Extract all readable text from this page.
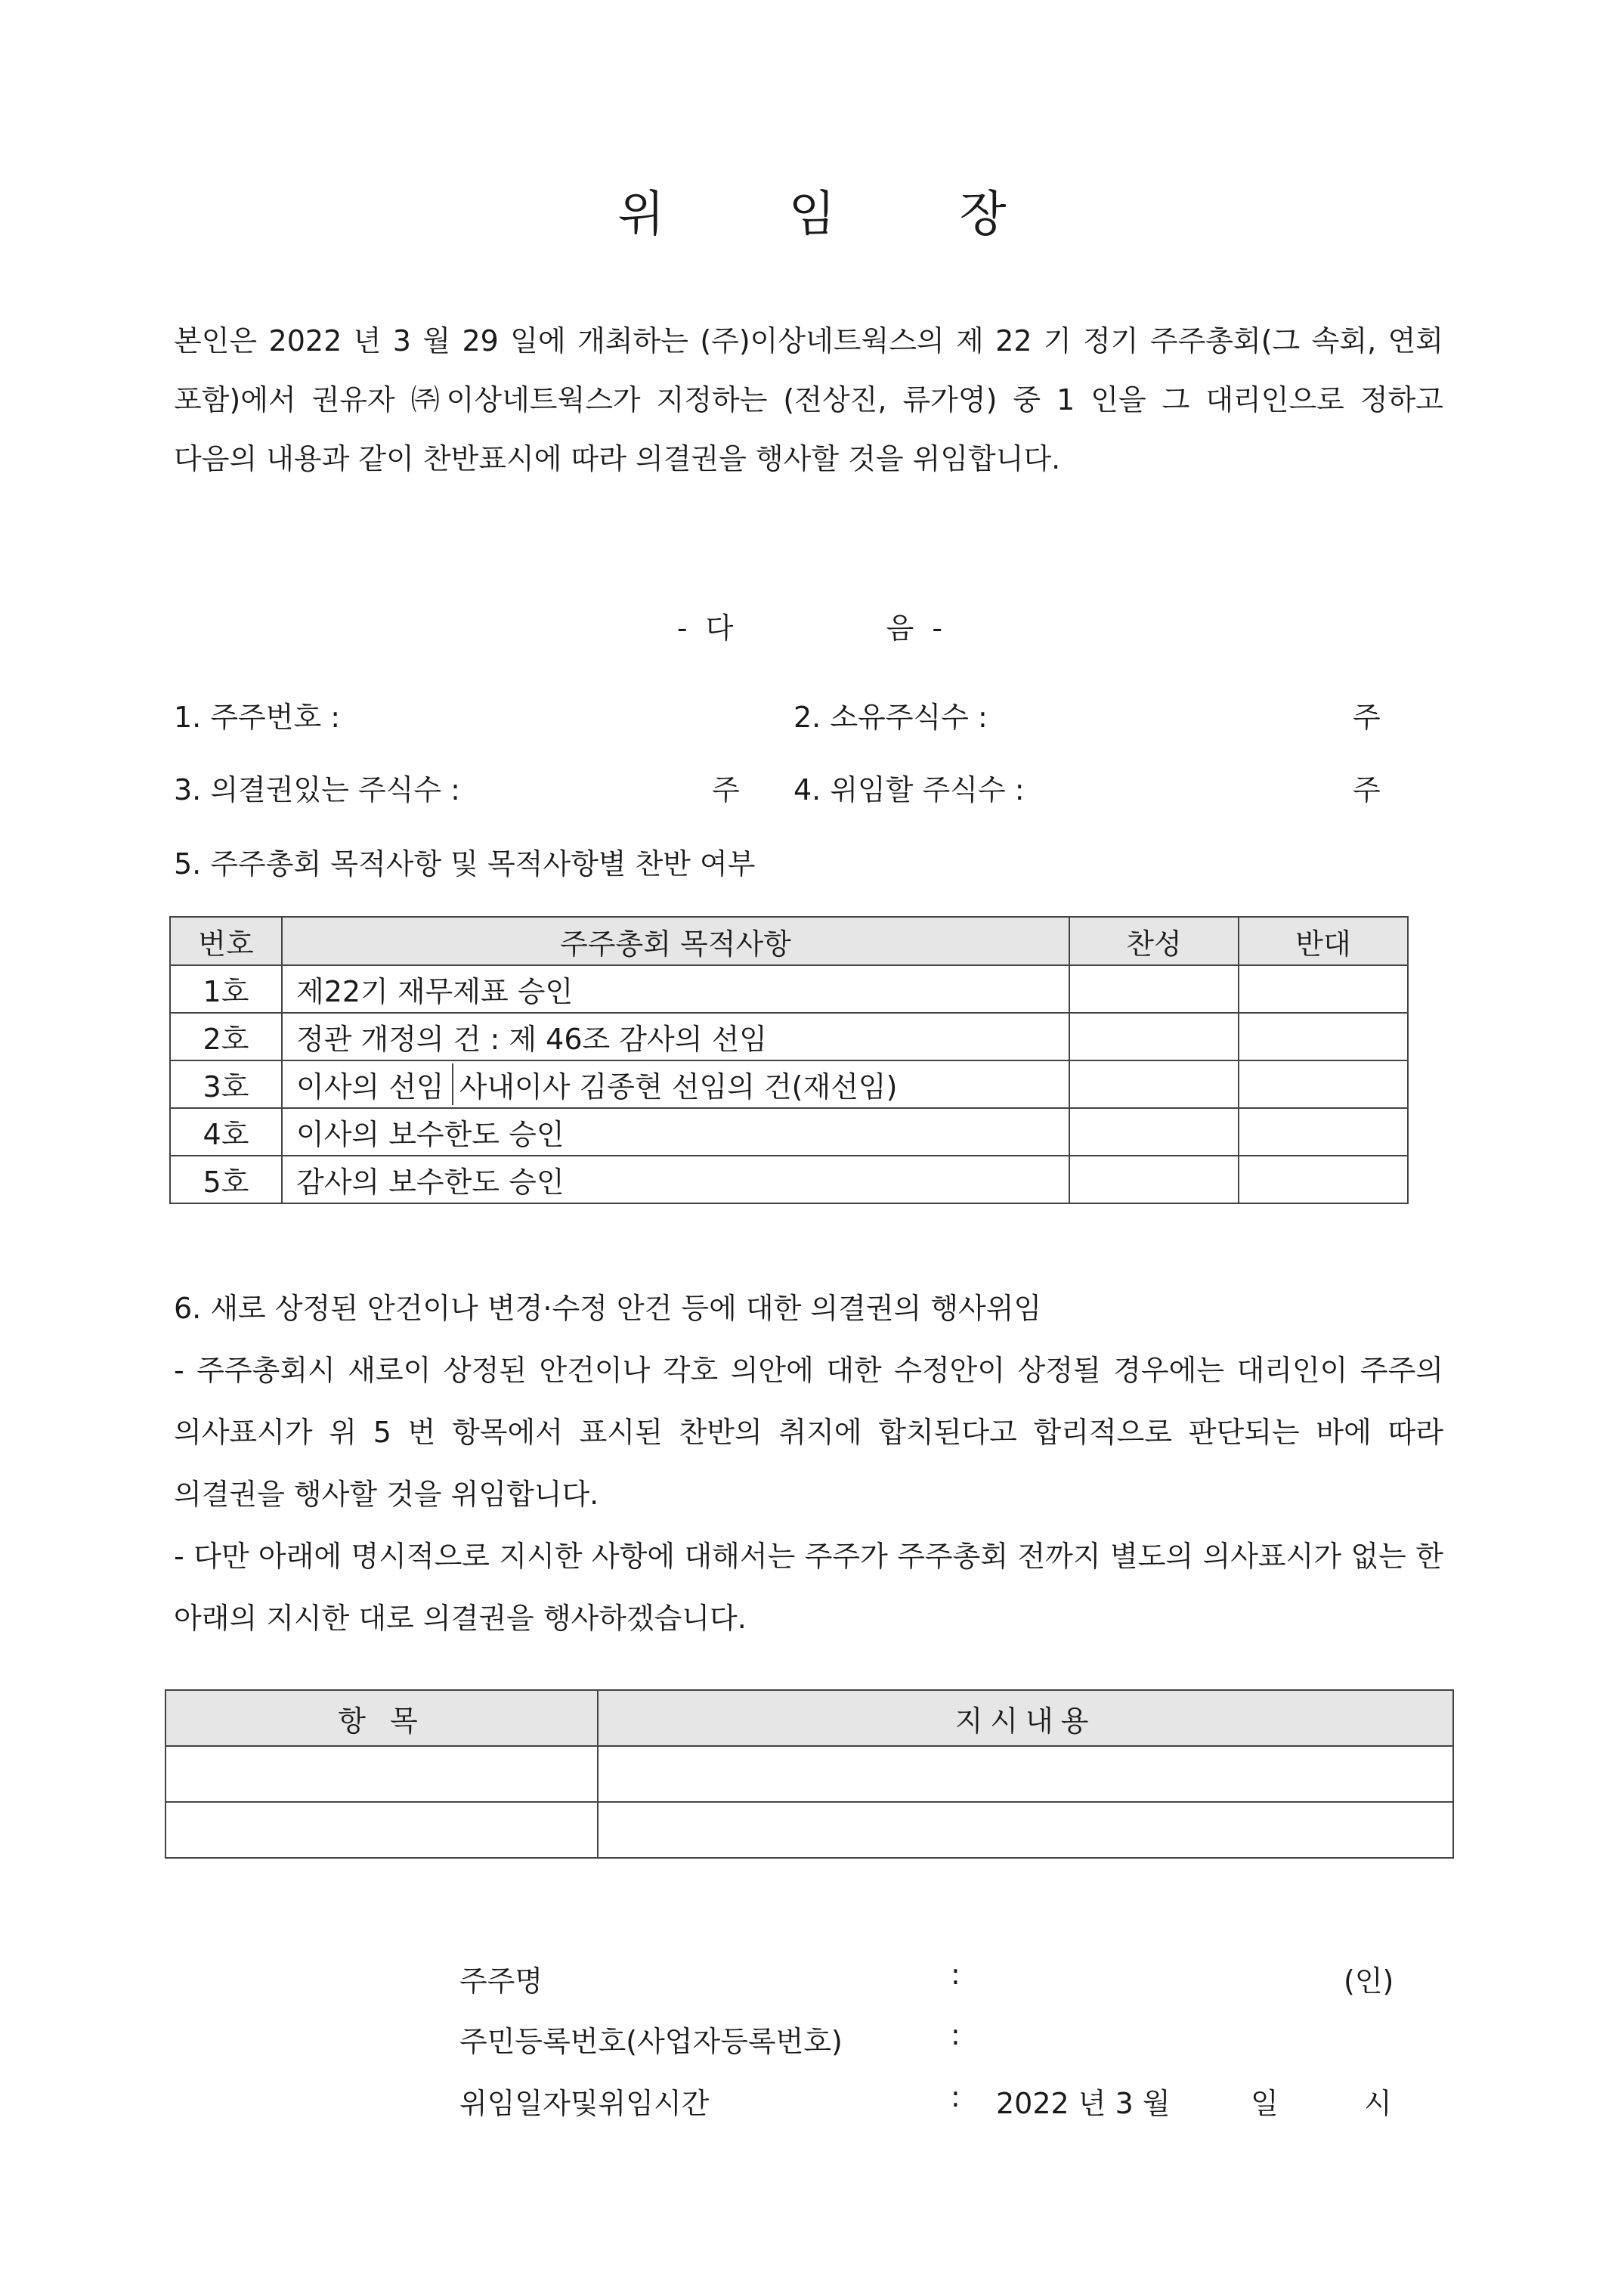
위 임 장
본인은 2022 년 3 월 29 일에 개최하는 (주)이상네트웍스의 제 22 기 정기 주주총회(그 속회, 연회 포함)에서 권유자 ㈜이상네트웍스가 지정하는 (전상진, 류가영) 중 1 인을 그 대리인으로 정하고 다음의 내용과 같이 찬반표시에 따라 의결권을 행사할 것을 위임합니다.
- 다	음 -
1. 주주번호 :	2. 소유주식수 :	주
3. 의결권있는 주식수 :	주 4. 위임할 주식수 :	주
5. 주주총회 목적사항 및 목적사항별 찬반 여부
번호	주주총회 목적사항	찬성	반대
1호	제22기 재무제표 승인		
2호	정관 개정의 건 : 제 46조 감사의 선임		
3호	이사의 선임 사내이사 김종현 선임의 건(재선임)		
4호	이사의 보수한도 승인		
5호	감사의 보수한도 승인		

6. 새로 상정된 안건이나 변경·수정 안건 등에 대한 의결권의 행사위임

- 주주총회시 새로이 상정된 안건이나 각호 의안에 대한 수정안이 상정될 경우에는 대리인이 주주의 의사표시가 위 5 번 항목에서 표시된 찬반의 취지에 합치된다고 합리적으로 판단되는 바에 따라 의결권을 행사할 것을 위임합니다.

- 다만 아래에 명시적으로 지시한 사항에 대해서는 주주가 주주총회 전까지 별도의 의사표시가 없는 한 아래의 지시한 대로 의결권을 행사하겠습니다.

항 목	지시내용

주주명	:	(인)
주민등록번호(사업자등록번호)	:
위임일자및위임시간	: 2022 년 3 월	일	시
